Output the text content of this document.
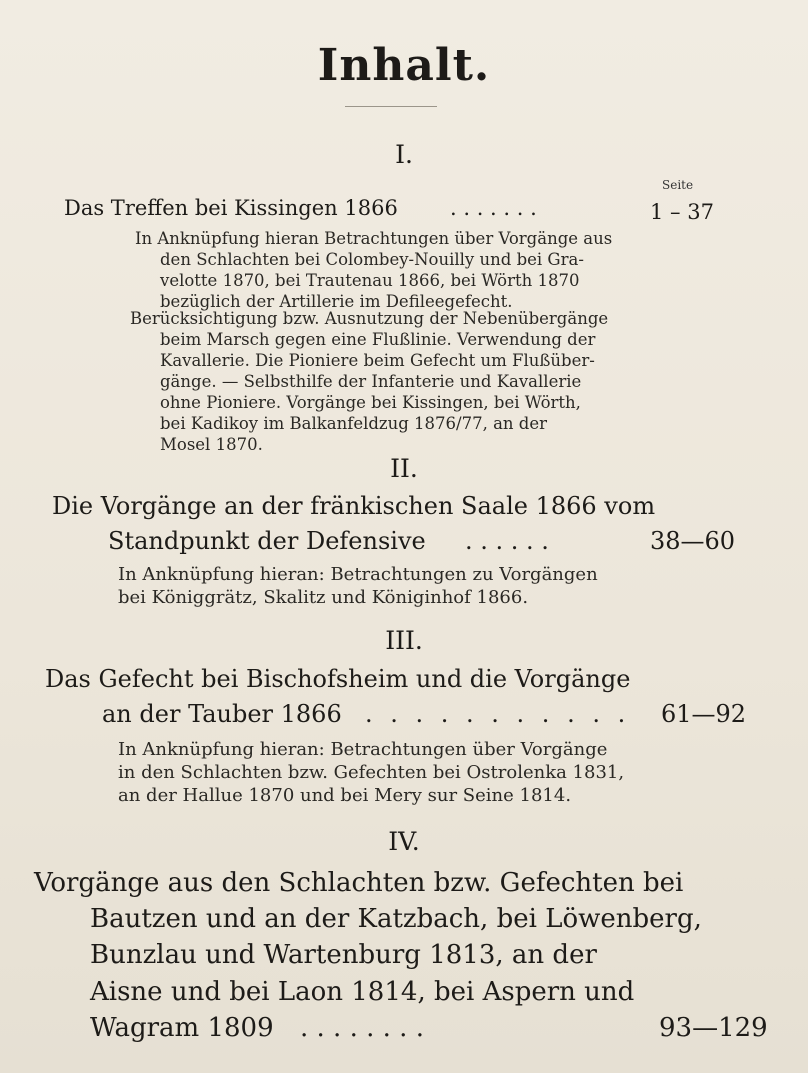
Inhalt.
I.
Seite
Das Treffen bei Kissingen 1866 . . . . . . .	1 – 37
In Anknüpfung hieran Betrachtungen über Vorgänge aus
den Schlachten bei Colombey-Nouilly und bei Gra-
velotte 1870, bei Trautenau 1866, bei Wörth 1870
bezüglich der Artillerie im Defileegefecht.
Berücksichtigung bzw. Ausnutzung der Nebenübergänge
beim Marsch gegen eine Flußlinie. Verwendung der
Kavallerie. Die Pioniere beim Gefecht um Flußüber-
gänge. — Selbsthilfe der Infanterie und Kavallerie
ohne Pioniere. Vorgänge bei Kissingen, bei Wörth,
bei Kadikoy im Balkanfeldzug 1876/77, an der
Mosel 1870.
II.
Die Vorgänge an der fränkischen Saale 1866 vom
Standpunkt der Defensive . . . . . .	38—60
In Anknüpfung hieran: Betrachtungen zu Vorgängen
bei Königgrätz, Skalitz und Königinhof 1866.
III.
Das Gefecht bei Bischofsheim und die Vorgänge
an der Tauber 1866 . . . . . . . . . . . 61—92
In Anknüpfung hieran: Betrachtungen über Vorgänge
in den Schlachten bzw. Gefechten bei Ostrolenka 1831,
an der Hallue 1870 und bei Mery sur Seine 1814.
IV.
Vorgänge aus den Schlachten bzw. Gefechten bei
Bautzen und an der Katzbach, bei Löwenberg,
Bunzlau und Wartenburg 1813, an der
Aisne und bei Laon 1814, bei Aspern und
Wagram 1809 . . . . . . . .	93—129
